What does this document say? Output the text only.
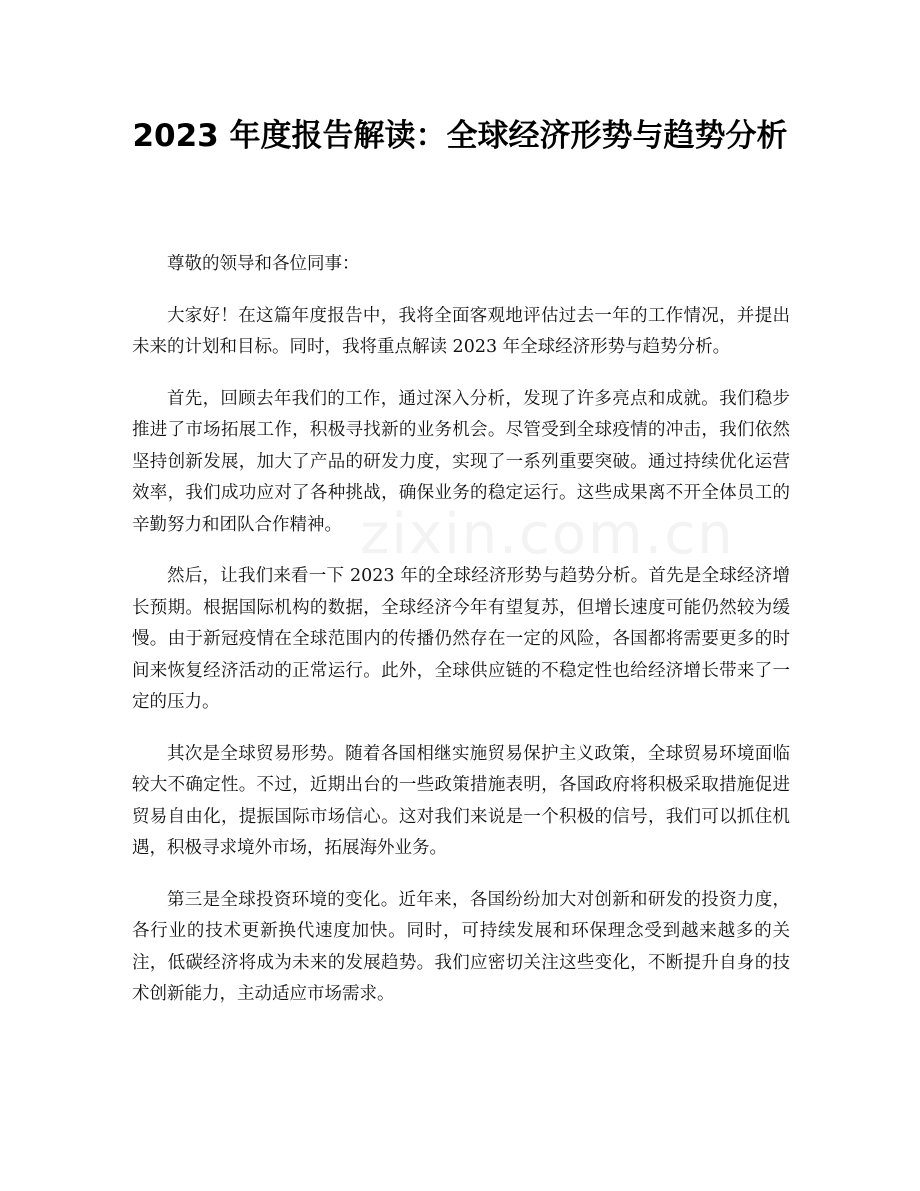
2023 年度报告解读：全球经济形势与趋势分析

尊敬的领导和各位同事：

大家好！在这篇年度报告中，我将全面客观地评估过去一年的工作情况，并提出未来的计划和目标。同时，我将重点解读 2023 年全球经济形势与趋势分析。

首先，回顾去年我们的工作，通过深入分析，发现了许多亮点和成就。我们稳步推进了市场拓展工作，积极寻找新的业务机会。尽管受到全球疫情的冲击，我们依然坚持创新发展，加大了产品的研发力度，实现了一系列重要突破。通过持续优化运营效率，我们成功应对了各种挑战，确保业务的稳定运行。这些成果离不开全体员工的辛勤努力和团队合作精神。

然后，让我们来看一下 2023 年的全球经济形势与趋势分析。首先是全球经济增长预期。根据国际机构的数据，全球经济今年有望复苏，但增长速度可能仍然较为缓慢。由于新冠疫情在全球范围内的传播仍然存在一定的风险，各国都将需要更多的时间来恢复经济活动的正常运行。此外，全球供应链的不稳定性也给经济增长带来了一定的压力。

其次是全球贸易形势。随着各国相继实施贸易保护主义政策，全球贸易环境面临较大不确定性。不过，近期出台的一些政策措施表明，各国政府将积极采取措施促进贸易自由化，提振国际市场信心。这对我们来说是一个积极的信号，我们可以抓住机遇，积极寻求境外市场，拓展海外业务。

第三是全球投资环境的变化。近年来，各国纷纷加大对创新和研发的投资力度，各行业的技术更新换代速度加快。同时，可持续发展和环保理念受到越来越多的关注，低碳经济将成为未来的发展趋势。我们应密切关注这些变化，不断提升自身的技术创新能力，主动适应市场需求。

zixin.com.cn
